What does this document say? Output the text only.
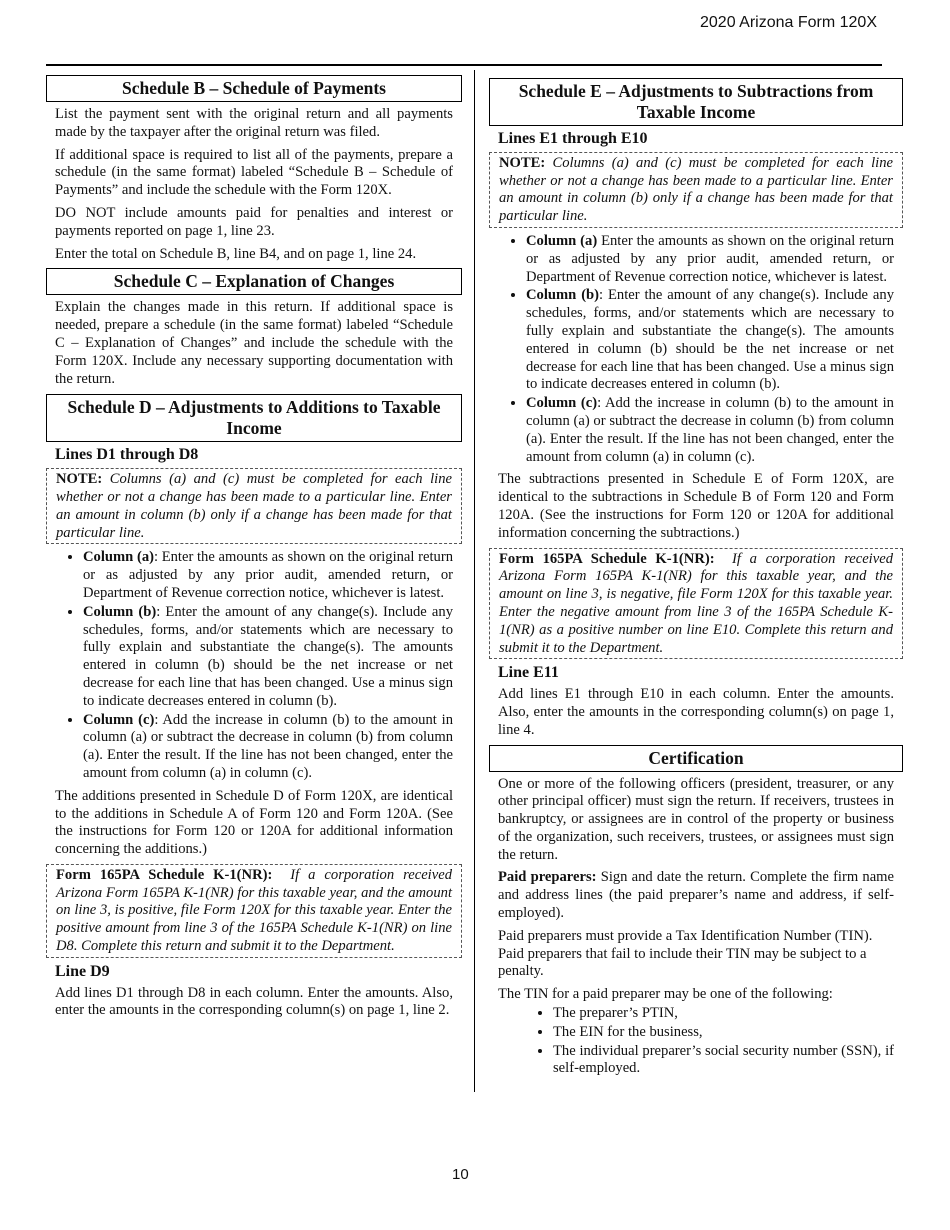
2020 Arizona Form 120X
Schedule B – Schedule of Payments

List the payment sent with the original return and all payments made by the taxpayer after the original return was filed.

If additional space is required to list all of the payments, prepare a schedule (in the same format) labeled “Schedule B – Schedule of Payments” and include the schedule with the Form 120X.

DO NOT include amounts paid for penalties and interest or payments reported on page 1, line 23.

Enter the total on Schedule B, line B4, and on page 1, line 24.

Schedule C – Explanation of Changes

Explain the changes made in this return. If additional space is needed, prepare a schedule (in the same format) labeled “Schedule C – Explanation of Changes” and include the schedule with the Form 120X. Include any necessary supporting documentation with the return.

Schedule D – Adjustments to Additions to Taxable Income
Lines D1 through D8
NOTE: Columns (a) and (c) must be completed for each line whether or not a change has been made to a particular line. Enter an amount in column (b) only if a change has been made for that particular line.
• Column (a): Enter the amounts as shown on the original return or as adjusted by any prior audit, amended return, or Department of Revenue correction notice, whichever is latest.
• Column (b): Enter the amount of any change(s). Include any schedules, forms, and/or statements which are necessary to fully explain and substantiate the change(s). The amounts entered in column (b) should be the net increase or net decrease for each line that has been changed. Use a minus sign to indicate decreases entered in column (b).
• Column (c): Add the increase in column (b) to the amount in column (a) or subtract the decrease in column (b) from column (a). Enter the result. If the line has not been changed, enter the amount from column (a) in column (c).

The additions presented in Schedule D of Form 120X, are identical to the additions in Schedule A of Form 120 and Form 120A. (See the instructions for Form 120 or 120A for additional information concerning the additions.)

Form 165PA Schedule K-1(NR): If a corporation received Arizona Form 165PA K-1(NR) for this taxable year, and the amount on line 3, is positive, file Form 120X for this taxable year. Enter the positive amount from line 3 of the 165PA Schedule K-1(NR) on line D8. Complete this return and submit it to the Department.
Line D9

Add lines D1 through D8 in each column. Enter the amounts. Also, enter the amounts in the corresponding column(s) on page 1, line 2.

Schedule E – Adjustments to Subtractions from Taxable Income
Lines E1 through E10
NOTE: Columns (a) and (c) must be completed for each line whether or not a change has been made to a particular line. Enter an amount in column (b) only if a change has been made for that particular line.
• Column (a) Enter the amounts as shown on the original return or as adjusted by any prior audit, amended return, or Department of Revenue correction notice, whichever is latest.
• Column (b): Enter the amount of any change(s). Include any schedules, forms, and/or statements which are necessary to fully explain and substantiate the change(s). The amounts entered in column (b) should be the net increase or net decrease for each line that has been changed. Use a minus sign to indicate decreases entered in column (b).
• Column (c): Add the increase in column (b) to the amount in column (a) or subtract the decrease in column (b) from column (a). Enter the result. If the line has not been changed, enter the amount from column (a) in column (c).

The subtractions presented in Schedule E of Form 120X, are identical to the subtractions in Schedule B of Form 120 and Form 120A. (See the instructions for Form 120 or 120A for additional information concerning the subtractions.)

Form 165PA Schedule K-1(NR): If a corporation received Arizona Form 165PA K-1(NR) for this taxable year, and the amount on line 3, is negative, file Form 120X for this taxable year. Enter the negative amount from line 3 of the 165PA Schedule K-1(NR) as a positive number on line E10. Complete this return and submit it to the Department.
Line E11

Add lines E1 through E10 in each column. Enter the amounts. Also, enter the amounts in the corresponding column(s) on page 1, line 4.

Certification

One or more of the following officers (president, treasurer, or any other principal officer) must sign the return. If receivers, trustees in bankruptcy, or assignees are in control of the property or business of the organization, such receivers, trustees, or assignees must sign the return.

Paid preparers: Sign and date the return. Complete the firm name and address lines (the paid preparer’s name and address, if self-employed).

Paid preparers must provide a Tax Identification Number (TIN). Paid preparers that fail to include their TIN may be subject to a penalty.

The TIN for a paid preparer may be one of the following:

• The preparer’s PTIN,
• The EIN for the business,
• The individual preparer’s social security number (SSN), if self-employed.
10
